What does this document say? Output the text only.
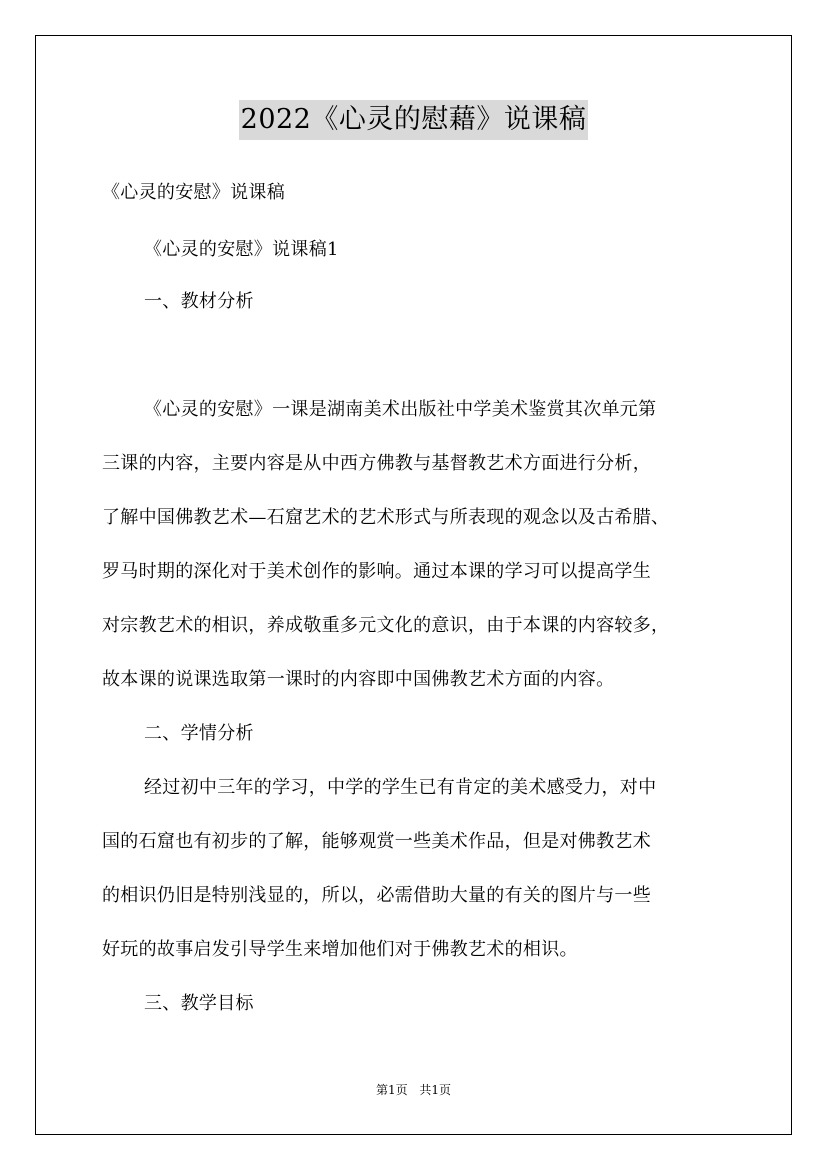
2022《心灵的慰藉》说课稿
《心灵的安慰》说课稿
《心灵的安慰》说课稿1
一、教材分析
《心灵的安慰》一课是湖南美术出版社中学美术鉴赏其次单元第
三课的内容，主要内容是从中西方佛教与基督教艺术方面进行分析，
了解中国佛教艺术—石窟艺术的艺术形式与所表现的观念以及古希腊、
罗马时期的深化对于美术创作的影响。通过本课的学习可以提高学生
对宗教艺术的相识，养成敬重多元文化的意识，由于本课的内容较多，
故本课的说课选取第一课时的内容即中国佛教艺术方面的内容。
二、学情分析
经过初中三年的学习，中学的学生已有肯定的美术感受力，对中
国的石窟也有初步的了解，能够观赏一些美术作品，但是对佛教艺术
的相识仍旧是特别浅显的，所以，必需借助大量的有关的图片与一些
好玩的故事启发引导学生来增加他们对于佛教艺术的相识。
三、教学目标
第1页 共1页
